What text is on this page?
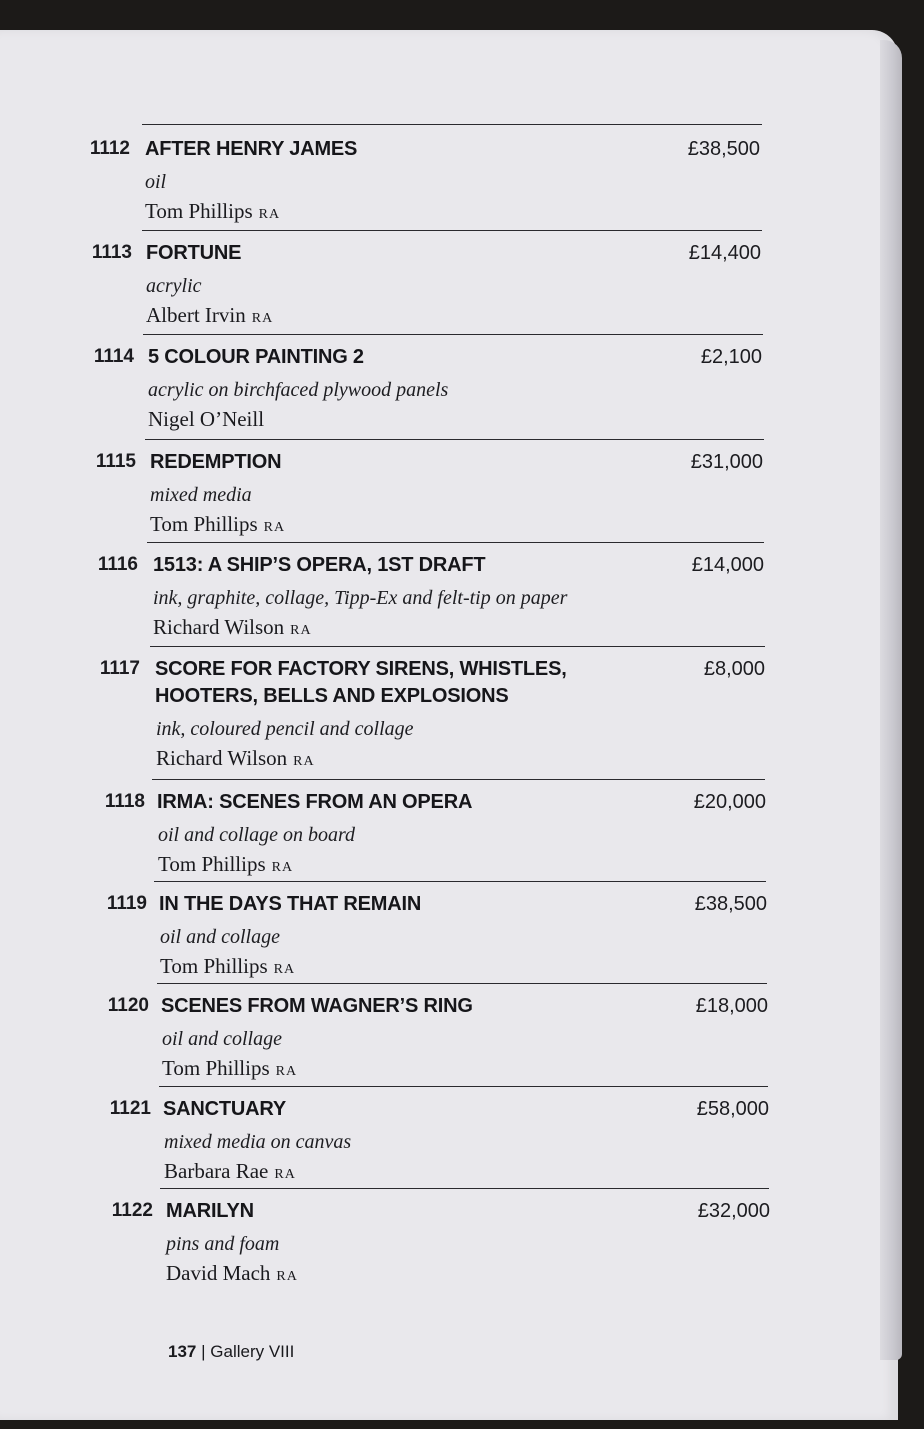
1112 AFTER HENRY JAMES
oil
Tom Phillips RA
£38,500
1113 FORTUNE
acrylic
Albert Irvin RA
£14,400
1114 5 COLOUR PAINTING 2
acrylic on birchfaced plywood panels
Nigel O’Neill
£2,100
1115 REDEMPTION
mixed media
Tom Phillips RA
£31,000
1116 1513: A SHIP’S OPERA, 1ST DRAFT
ink, graphite, collage, Tipp-Ex and felt-tip on paper
Richard Wilson RA
£14,000
1117 SCORE FOR FACTORY SIRENS, WHISTLES,
HOOTERS, BELLS AND EXPLOSIONS
ink, coloured pencil and collage
Richard Wilson RA
£8,000
1118 IRMA: SCENES FROM AN OPERA
oil and collage on board
Tom Phillips RA
£20,000
1119 IN THE DAYS THAT REMAIN
oil and collage
Tom Phillips RA
£38,500
1120 SCENES FROM WAGNER’S RING
oil and collage
Tom Phillips RA
£18,000
1121 SANCTUARY
mixed media on canvas
Barbara Rae RA
£58,000
1122 MARILYN
pins and foam
David Mach RA
£32,000
137 | Gallery VIII
